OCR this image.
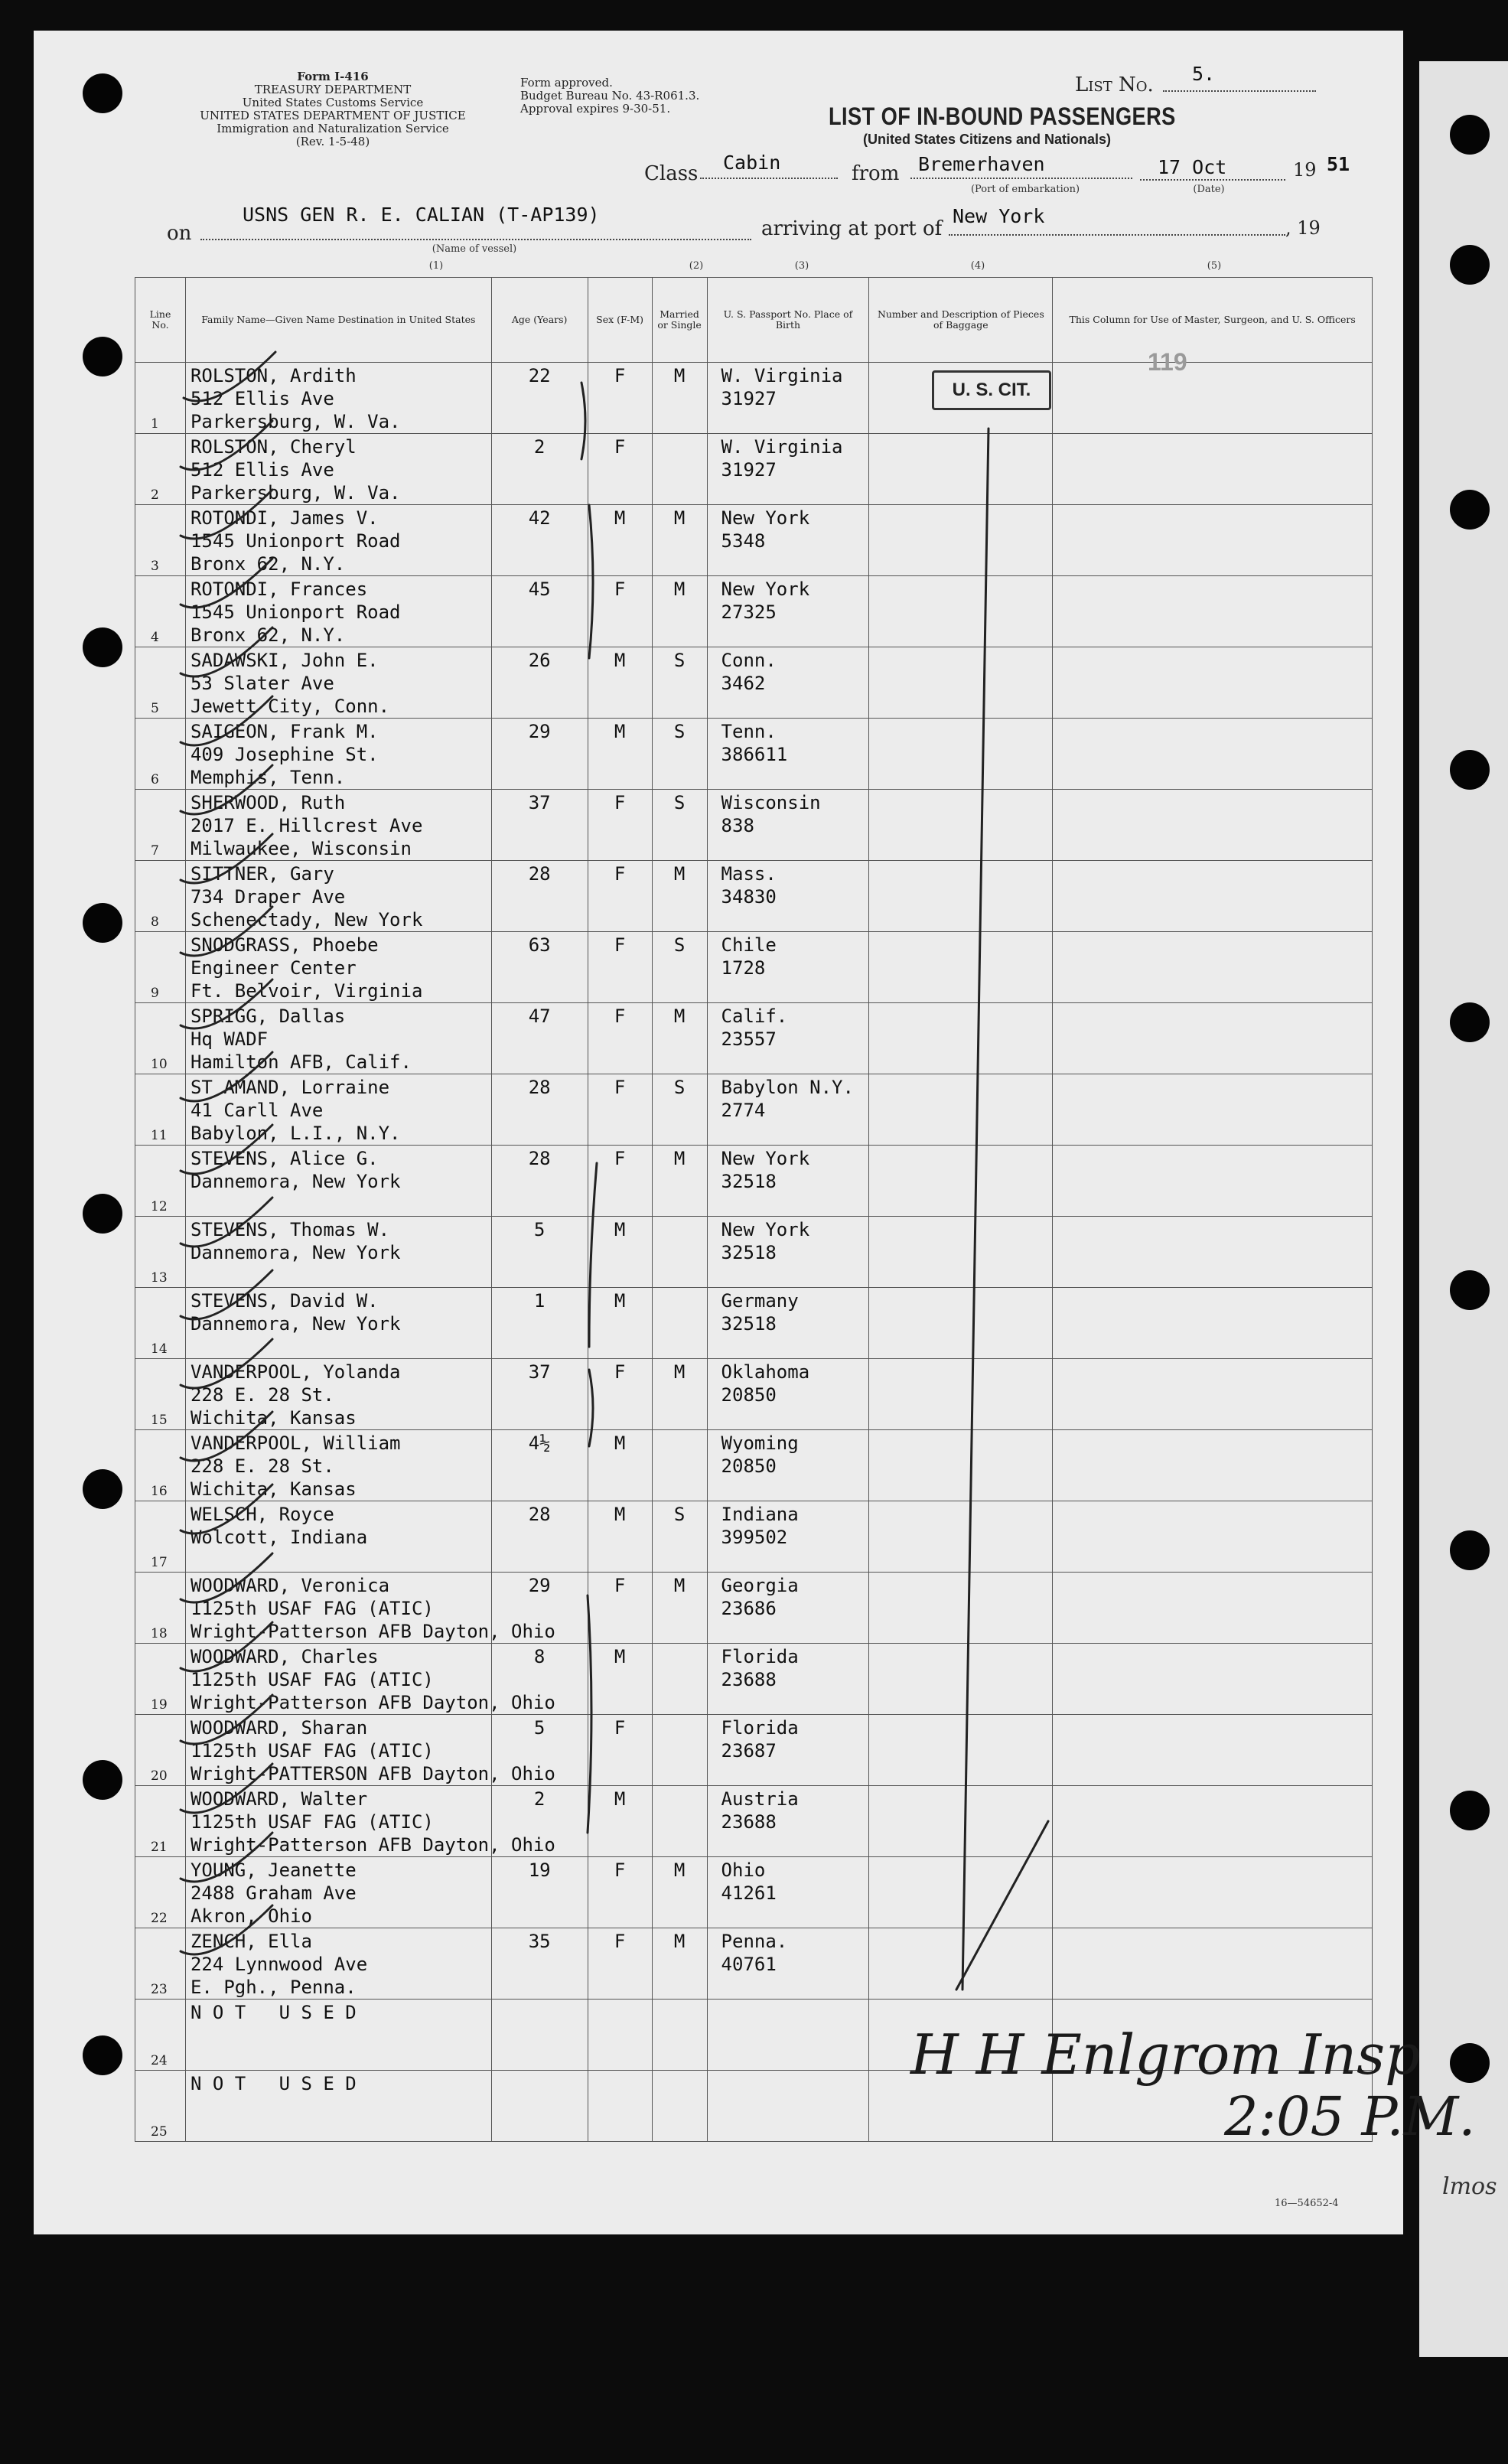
lmos
Form I-416
TREASURY DEPARTMENT
United States Customs Service
UNITED STATES DEPARTMENT OF JUSTICE
Immigration and Naturalization Service
(Rev. 1-5-48)
Form approved.
Budget Bureau No. 43-R061.3.
Approval expires 9-30-51.
List No. 5.
LIST OF IN-BOUND PASSENGERS
(United States Citizens and Nationals)
Class Cabin	from Bremerhaven
(Port of embarkation)
17 Oct
(Date)
19 51
on
USNS GEN R. E. CALIAN (T-AP139)
(Name of vessel)
arriving at port of
New York
, 19
(1)	(2)	(3)	(4)	(5)
Line No.	Family Name—Given Name Destination in United States	Age (Years)	Sex (F-M)	Married or Single	U. S. Passport No. Place of Birth	Number and Description of Pieces of Baggage	This Column for Use of Master, Surgeon, and U. S. Officers

1	ROLSTON, Ardith
512 Ellis Ave
Parkersburg, W. Va.	22	F	M	W. Virginia
31927		

2	ROLSTON, Cheryl
512 Ellis Ave
Parkersburg, W. Va.	2	F		W. Virginia
31927		

3	ROTONDI, James V.
1545 Unionport Road
Bronx 62, N.Y.	42	M	M	New York
5348		

4	ROTONDI, Frances
1545 Unionport Road
Bronx 62, N.Y.	45	F	M	New York
27325		

5	SADAWSKI, John E.
53 Slater Ave
Jewett City, Conn.	26	M	S	Conn.
3462		

6	SAIGEON, Frank M.
409 Josephine St.
Memphis, Tenn.	29	M	S	Tenn.
386611		

7	SHERWOOD, Ruth
2017 E. Hillcrest Ave
Milwaukee, Wisconsin	37	F	S	Wisconsin
838		

8	SITTNER, Gary
734 Draper Ave
Schenectady, New York	28	F	M	Mass.
34830		

9	SNODGRASS, Phoebe
Engineer Center
Ft. Belvoir, Virginia	63	F	S	Chile
1728		

10	SPRIGG, Dallas
Hq WADF
Hamilton AFB, Calif.	47	F	M	Calif.
23557		

11	ST AMAND, Lorraine
41 Carll Ave
Babylon, L.I., N.Y.	28	F	S	Babylon N.Y.
2774		

12	STEVENS, Alice G.
Dannemora, New York	28	F	M	New York
32518		

13	STEVENS, Thomas W.
Dannemora, New York	5	M		New York
32518		

14	STEVENS, David W.
Dannemora, New York	1	M		Germany
32518		

15	VANDERPOOL, Yolanda
228 E. 28 St.
Wichita, Kansas	37	F	M	Oklahoma
20850		

16	VANDERPOOL, William
228 E. 28 St.
Wichita, Kansas	4½	M		Wyoming
20850		

17	WELSCH, Royce
Wolcott, Indiana	28	M	S	Indiana
399502		

18	WOODWARD, Veronica
1125th USAF FAG (ATIC)
Wright-Patterson AFB Dayton, Ohio	29	F	M	Georgia
23686		

19	WOODWARD, Charles
1125th USAF FAG (ATIC)
Wright-Patterson AFB Dayton, Ohio	8	M		Florida
23688		

20	WOODWARD, Sharan
1125th USAF FAG (ATIC)
Wright-PATTERSON AFB Dayton, Ohio	5	F		Florida
23687		

21	WOODWARD, Walter
1125th USAF FAG (ATIC)
Wright-Patterson AFB Dayton, Ohio	2	M		Austria
23688		

22	YOUNG, Jeanette
2488 Graham Ave
Akron, Ohio	19	F	M	Ohio
41261		

23	ZENCH, Ella
224 Lynnwood Ave
E. Pgh., Penna.	35	F	M	Penna.
40761		

24	N O T   U S E D						

25	N O T   U S E D						

U. S. CIT.
119
H H Enlgrom Insp
2:05 P.M.
16—54652-4
